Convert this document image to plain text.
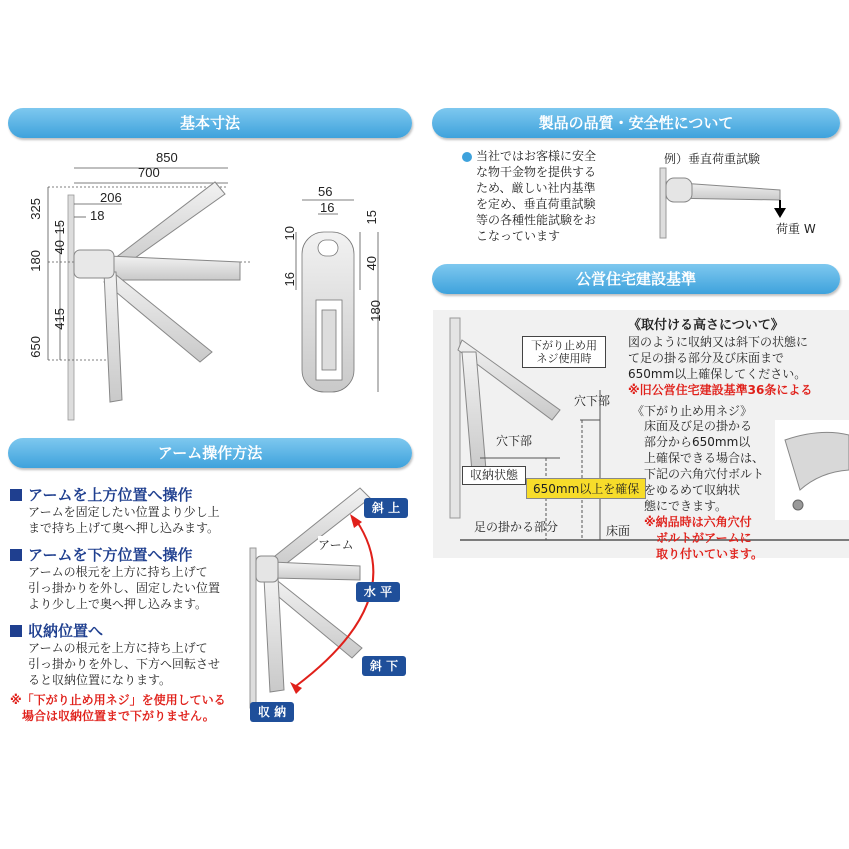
基本寸法	製品の品質・安全性について
アーム操作方法
公営住宅建設基準
850
700
206
18
325
15
40
180
415
650
56
16
10
15
40
16
180
当社ではお客様に安全
な物干金物を提供する
ため、厳しい社内基準
を定め、垂直荷重試験
等の各種性能試験をお
こなっています
例）垂直荷重試験
荷重 W
アームを上方位置へ操作
アームを固定したい位置より少し上
まで持ち上げて奥へ押し込みます。
アームを下方位置へ操作
アームの根元を上方に持ち上げて
引っ掛かりを外し、固定したい位置
より少し上で奥へ押し込みます。
収納位置へ
アームの根元を上方に持ち上げて
引っ掛かりを外し、下方へ回転させ
ると収納位置になります。
※「下がり止め用ネジ」を使用している
場合は収納位置まで下がりません。
アーム
斜 上
水 平
斜 下
収 納
下がり止め用
ネジ使用時
穴下部
穴下部
収納状態
650mm以上を確保
足の掛かる部分	床面
《取付ける高さについて》
図のように収納又は斜下の状態に
て足の掛る部分及び床面まで
650mm以上確保してください。
※旧公営住宅建設基準36条による
《下がり止め用ネジ》
床面及び足の掛かる
部分から650mm以
上確保できる場合は、
下記の六角穴付ボルト
をゆるめて収納状
態にできます。
※納品時は六角穴付
ボルトがアームに
取り付いています。
